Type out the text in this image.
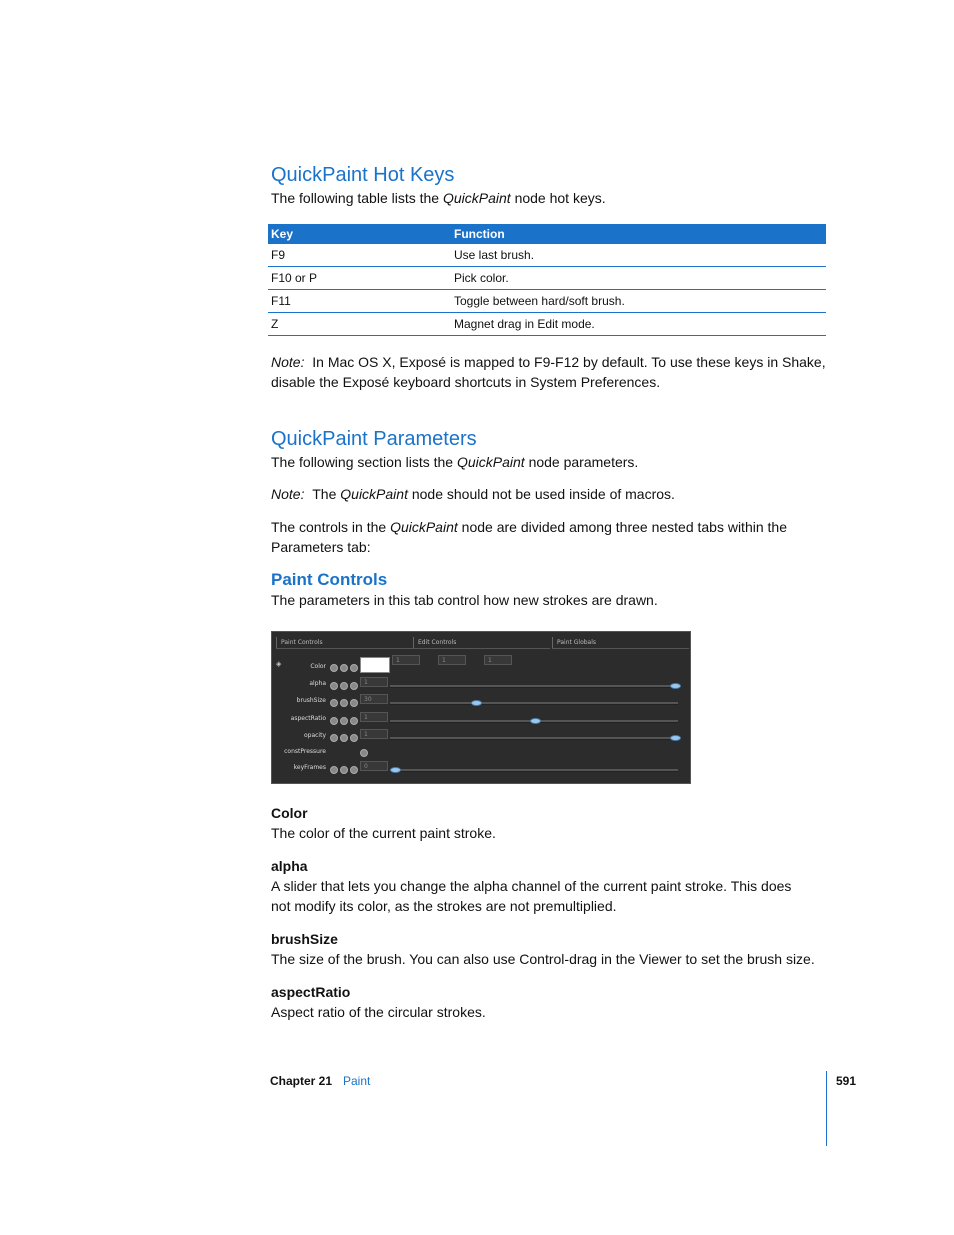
QuickPaint Hot Keys
The following table lists the QuickPaint node hot keys.
Key	Function
F9	Use last brush.
F10 or P	Pick color.
F11	Toggle between hard/soft brush.
Z	Magnet drag in Edit mode.
Note: In Mac OS X, Exposé is mapped to F9-F12 by default. To use these keys in Shake,
disable the Exposé keyboard shortcuts in System Preferences.
QuickPaint Parameters
The following section lists the QuickPaint node parameters.
Note: The QuickPaint node should not be used inside of macros.
The controls in the QuickPaint node are divided among three nested tabs within the
Parameters tab:
Paint Controls
The parameters in this tab control how new strokes are drawn.
Paint Controls	Edit Controls	Paint Globals
◈	Color
1	1	1
alpha	1
brushSize	30
aspectRatio	1
opacity	1
constPressure
keyFrames	0
Color
The color of the current paint stroke.
alpha
A slider that lets you change the alpha channel of the current paint stroke. This does
not modify its color, as the strokes are not premultiplied.
brushSize
The size of the brush. You can also use Control-drag in the Viewer to set the brush size.
aspectRatio
Aspect ratio of the circular strokes.
Chapter 21 Paint	591
